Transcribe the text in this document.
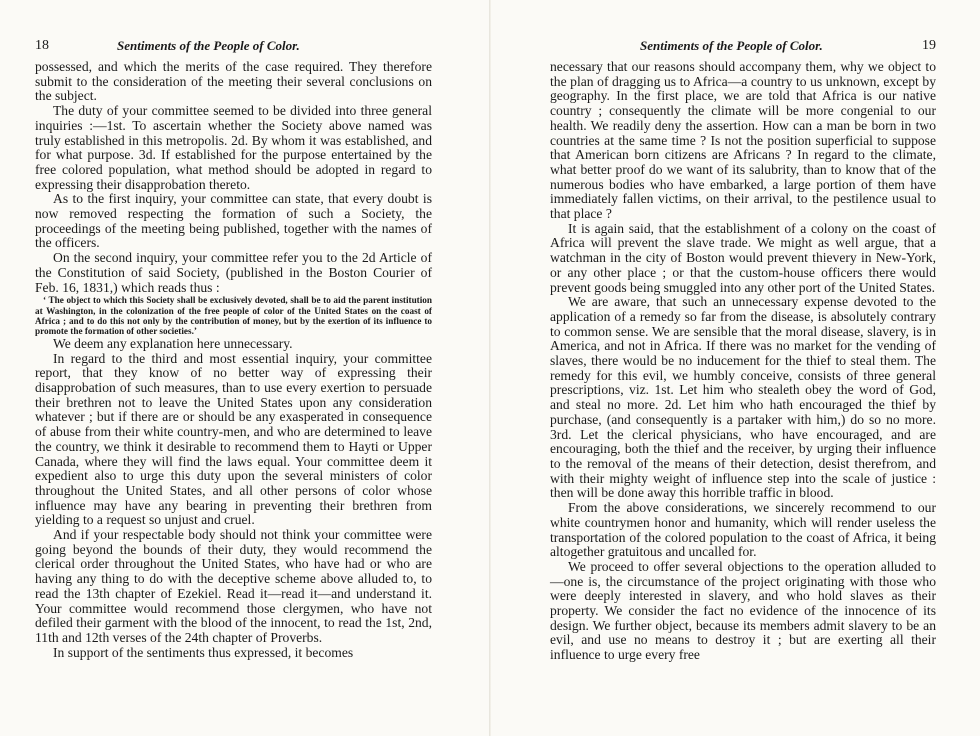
18	Sentiments of the People of Color.

possessed, and which the merits of the case required. They therefore submit to the consideration of the meeting their several conclusions on the subject.

The duty of your committee seemed to be divided into three general inquiries :—1st. To ascertain whether the Society above named was truly established in this metropolis. 2d. By whom it was established, and for what purpose. 3d. If established for the purpose entertained by the free colored population, what method should be adopted in regard to expressing their disapprobation thereto.

As to the first inquiry, your committee can state, that every doubt is now removed respecting the formation of such a Society, the proceedings of the meeting being published, together with the names of the officers.

On the second inquiry, your committee refer you to the 2d Article of the Constitution of said Society, (published in the Boston Courier of Feb. 16, 1831,) which reads thus :

‘ The object to which this Society shall be exclusively devoted, shall be to aid the parent institution at Washington, in the colonization of the free people of color of the United States on the coast of Africa ; and to do this not only by the contribution of money, but by the exertion of its influence to promote the formation of other societies.’

We deem any explanation here unnecessary.

In regard to the third and most essential inquiry, your committee report, that they know of no better way of expressing their disapprobation of such measures, than to use every exertion to persuade their brethren not to leave the United States upon any consideration whatever ; but if there are or should be any exasperated in consequence of abuse from their white country-men, and who are determined to leave the country, we think it desirable to recommend them to Hayti or Upper Canada, where they will find the laws equal. Your committee deem it expedient also to urge this duty upon the several ministers of color throughout the United States, and all other persons of color whose influence may have any bearing in preventing their brethren from yielding to a request so unjust and cruel.

And if your respectable body should not think your committee were going beyond the bounds of their duty, they would recommend the clerical order throughout the United States, who have had or who are having any thing to do with the deceptive scheme above alluded to, to read the 13th chapter of Ezekiel. Read it—read it—and understand it. Your committee would recommend those clergymen, who have not defiled their garment with the blood of the innocent, to read the 1st, 2nd, 11th and 12th verses of the 24th chapter of Proverbs.

In support of the sentiments thus expressed, it becomes

Sentiments of the People of Color.	19

necessary that our reasons should accompany them, why we object to the plan of dragging us to Africa—a country to us unknown, except by geography. In the first place, we are told that Africa is our native country ; consequently the climate will be more congenial to our health. We readily deny the assertion. How can a man be born in two countries at the same time ? Is not the position superficial to suppose that American born citizens are Africans ? In regard to the climate, what better proof do we want of its salubrity, than to know that of the numerous bodies who have embarked, a large portion of them have immediately fallen victims, on their arrival, to the pestilence usual to that place ?

It is again said, that the establishment of a colony on the coast of Africa will prevent the slave trade. We might as well argue, that a watchman in the city of Boston would prevent thievery in New-York, or any other place ; or that the custom-house officers there would prevent goods being smuggled into any other port of the United States.

We are aware, that such an unnecessary expense devoted to the application of a remedy so far from the disease, is absolutely contrary to common sense. We are sensible that the moral disease, slavery, is in America, and not in Africa. If there was no market for the vending of slaves, there would be no inducement for the thief to steal them. The remedy for this evil, we humbly conceive, consists of three general prescriptions, viz. 1st. Let him who stealeth obey the word of God, and steal no more. 2d. Let him who hath encouraged the thief by purchase, (and consequently is a partaker with him,) do so no more. 3rd. Let the clerical physicians, who have encouraged, and are encouraging, both the thief and the receiver, by urging their influence to the removal of the means of their detection, desist therefrom, and with their mighty weight of influence step into the scale of justice : then will be done away this horrible traffic in blood.

From the above considerations, we sincerely recommend to our white countrymen honor and humanity, which will render useless the transportation of the colored population to the coast of Africa, it being altogether gratuitous and uncalled for.

We proceed to offer several objections to the operation alluded to—one is, the circumstance of the project originating with those who were deeply interested in slavery, and who hold slaves as their property. We consider the fact no evidence of the innocence of its design. We further object, because its members admit slavery to be an evil, and use no means to destroy it ; but are exerting all their influence to urge every free
